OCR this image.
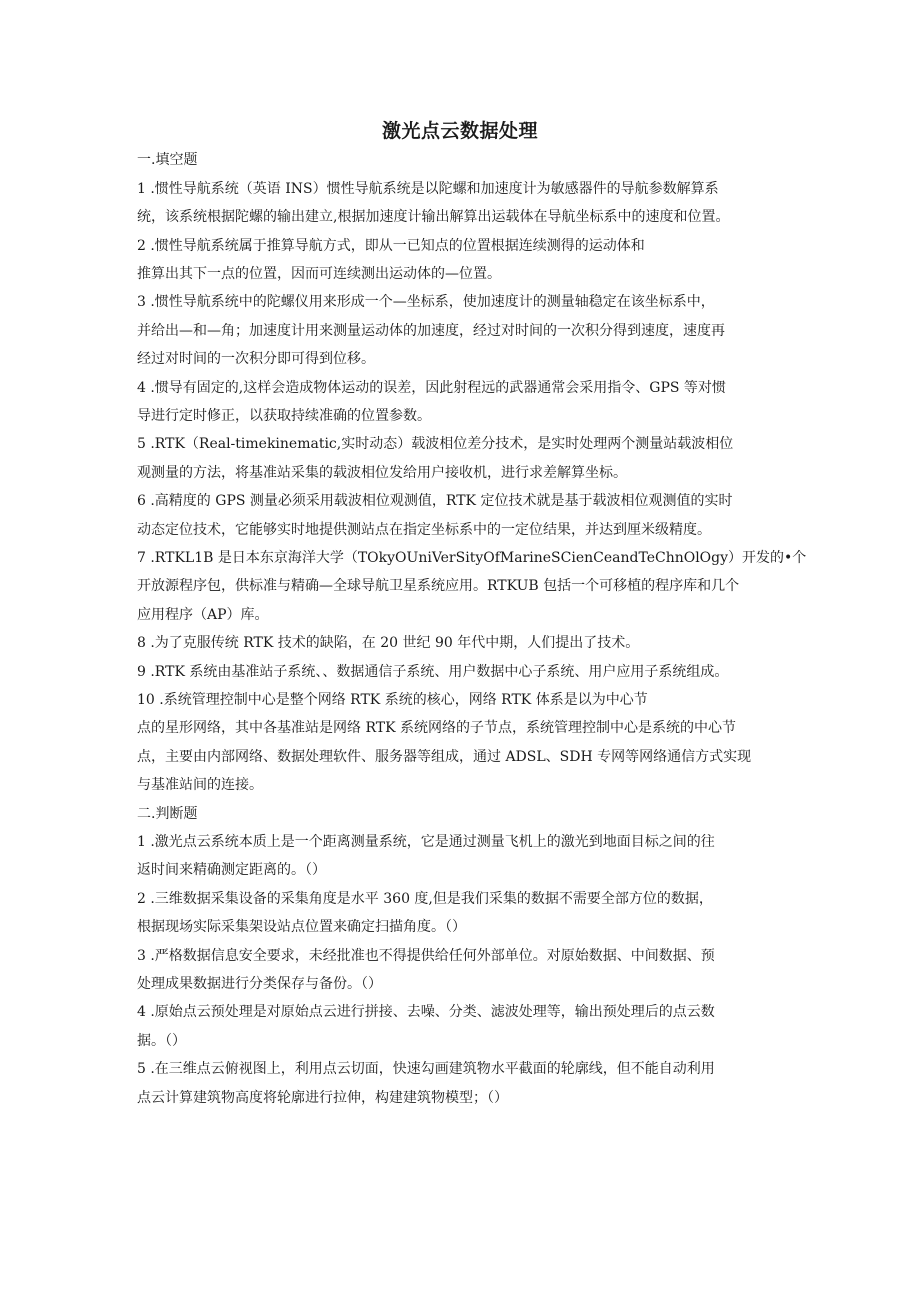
激光点云数据处理

一.填空题

1 .惯性导航系统（英语 INS）惯性导航系统是以陀螺和加速度计为敏感器件的导航参数解算系

统，该系统根据陀螺的输出建立,根据加速度计输出解算出运载体在导航坐标系中的速度和位置。

2 .惯性导航系统属于推算导航方式，即从一已知点的位置根据连续测得的运动体和

推算出其下一点的位置，因而可连续测出运动体的—位置。

3 .惯性导航系统中的陀螺仪用来形成一个—坐标系，使加速度计的测量轴稳定在该坐标系中，

并给出—和—角；加速度计用来测量运动体的加速度，经过对时间的一次积分得到速度，速度再

经过对时间的一次积分即可得到位移。

4 .惯导有固定的,这样会造成物体运动的误差，因此射程远的武器通常会采用指令、GPS 等对惯

导进行定时修正，以获取持续准确的位置参数。

5 .RTK（Real-timekinematic,实时动态）载波相位差分技术，是实时处理两个测量站载波相位

观测量的方法，将基准站采集的载波相位发给用户接收机，进行求差解算坐标。

6 .高精度的 GPS 测量必须采用载波相位观测值，RTK 定位技术就是基于载波相位观测值的实时

动态定位技术，它能够实时地提供测站点在指定坐标系中的一定位结果，并达到厘米级精度。

7 .RTKL1B 是日本东京海洋大学（TOkyOUniVerSityOfMarineSCienCeandTeChnOlOgy）开发的•个

开放源程序包，供标准与精确—全球导航卫星系统应用。RTKUB 包括一个可移植的程序库和几个

应用程序（AP）库。

8 .为了克服传统 RTK 技术的缺陷，在 20 世纪 90 年代中期，人们提出了技术。

9 .RTK 系统由基准站子系统、、数据通信子系统、用户数据中心子系统、用户应用子系统组成。

10 .系统管理控制中心是整个网络 RTK 系统的核心，网络 RTK 体系是以为中心节

点的星形网络，其中各基准站是网络 RTK 系统网络的子节点，系统管理控制中心是系统的中心节

点，主要由内部网络、数据处理软件、服务器等组成，通过 ADSL、SDH 专网等网络通信方式实现

与基准站间的连接。

二.判断题

1 .激光点云系统本质上是一个距离测量系统，它是通过测量飞机上的激光到地面目标之间的往

返时间来精确测定距离的。（）

2 .三维数据采集设备的采集角度是水平 360 度,但是我们采集的数据不需要全部方位的数据，

根据现场实际采集架设站点位置来确定扫描角度。（）

3 .严格数据信息安全要求，未经批准也不得提供给任何外部单位。对原始数据、中间数据、预

处理成果数据进行分类保存与备份。（）

4 .原始点云预处理是对原始点云进行拼接、去噪、分类、滤波处理等，输出预处理后的点云数

据。（）

5 .在三维点云俯视图上，利用点云切面，快速勾画建筑物水平截面的轮廓线，但不能自动利用

点云计算建筑物高度将轮廓进行拉伸，构建建筑物模型；（）
